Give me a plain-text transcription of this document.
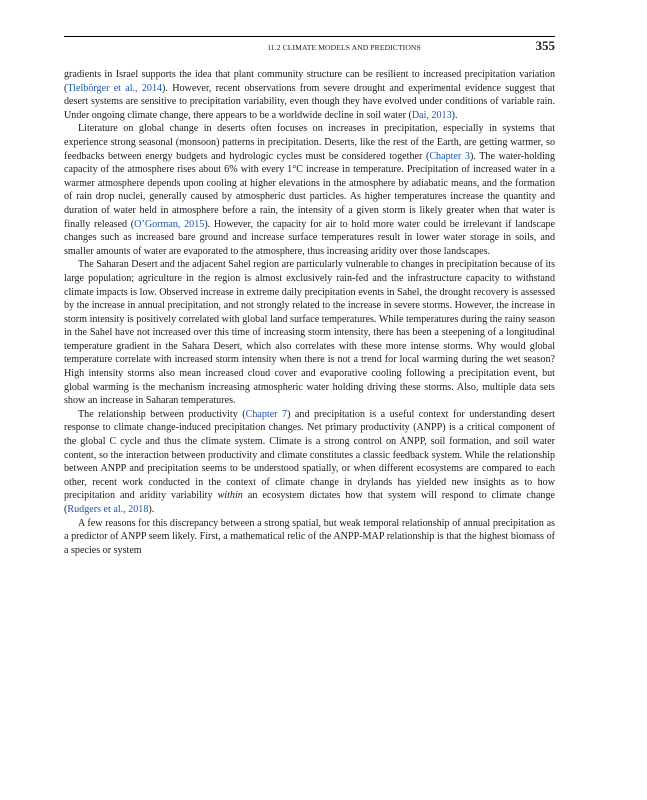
11.2 CLIMATE MODELS AND PREDICTIONS	355

gradients in Israel supports the idea that plant community structure can be resilient to increased precipitation variation (Tielbörger et al., 2014). However, recent observations from severe drought and experimental evidence suggest that desert systems are sensitive to precipitation variability, even though they have evolved under conditions of variable rain. Under ongoing climate change, there appears to be a worldwide decline in soil water (Dai, 2013).

Literature on global change in deserts often focuses on increases in precipitation, especially in systems that experience strong seasonal (monsoon) patterns in precipitation. Deserts, like the rest of the Earth, are getting warmer, so feedbacks between energy budgets and hydrologic cycles must be considered together (Chapter 3). The water-holding capacity of the atmosphere rises about 6% with every 1°C increase in temperature. Precipitation of increased water in a warmer atmosphere depends upon cooling at higher elevations in the atmosphere by adiabatic means, and the formation of rain drop nuclei, generally caused by atmospheric dust particles. As higher temperatures increase the quantity and duration of water held in atmosphere before a rain, the intensity of a given storm is likely greater when that water is finally released (O’Gorman, 2015). However, the capacity for air to hold more water could be irrelevant if landscape changes such as increased bare ground and increase surface temperatures result in lower water storage in soils, and smaller amounts of water are evaporated to the atmosphere, thus increasing aridity over those landscapes.

The Saharan Desert and the adjacent Sahel region are particularly vulnerable to changes in precipitation because of its large population; agriculture in the region is almost exclusively rain-fed and the infrastructure capacity to withstand climate impacts is low. Observed increase in extreme daily precipitation events in Sahel, the drought recovery is assessed by the increase in annual precipitation, and not strongly related to the increase in severe storms. However, the increase in storm intensity is positively correlated with global land surface temperatures. While temperatures during the rainy season in the Sahel have not increased over this time of increasing storm intensity, there has been a steepening of a longitudinal temperature gradient in the Sahara Desert, which also correlates with these more intense storms. Why would global temperature correlate with increased storm intensity when there is not a trend for local warming during the wet season? High intensity storms also mean increased cloud cover and evaporative cooling following a precipitation event, but global warming is the mechanism increasing atmospheric water holding driving these storms. Also, multiple data sets show an increase in Saharan temperatures.

The relationship between productivity (Chapter 7) and precipitation is a useful context for understanding desert response to climate change-induced precipitation changes. Net primary productivity (ANPP) is a critical component of the global C cycle and thus the climate system. Climate is a strong control on ANPP, soil formation, and soil water content, so the interaction between productivity and climate constitutes a classic feedback system. While the relationship between ANPP and precipitation seems to be understood spatially, or when different ecosystems are compared to each other, recent work conducted in the context of climate change in drylands has yielded new insights as to how precipitation and aridity variability within an ecosystem dictates how that system will respond to climate change (Rudgers et al., 2018).

A few reasons for this discrepancy between a strong spatial, but weak temporal relationship of annual precipitation as a predictor of ANPP seem likely. First, a mathematical relic of the ANPP-MAP relationship is that the highest biomass of a species or system
